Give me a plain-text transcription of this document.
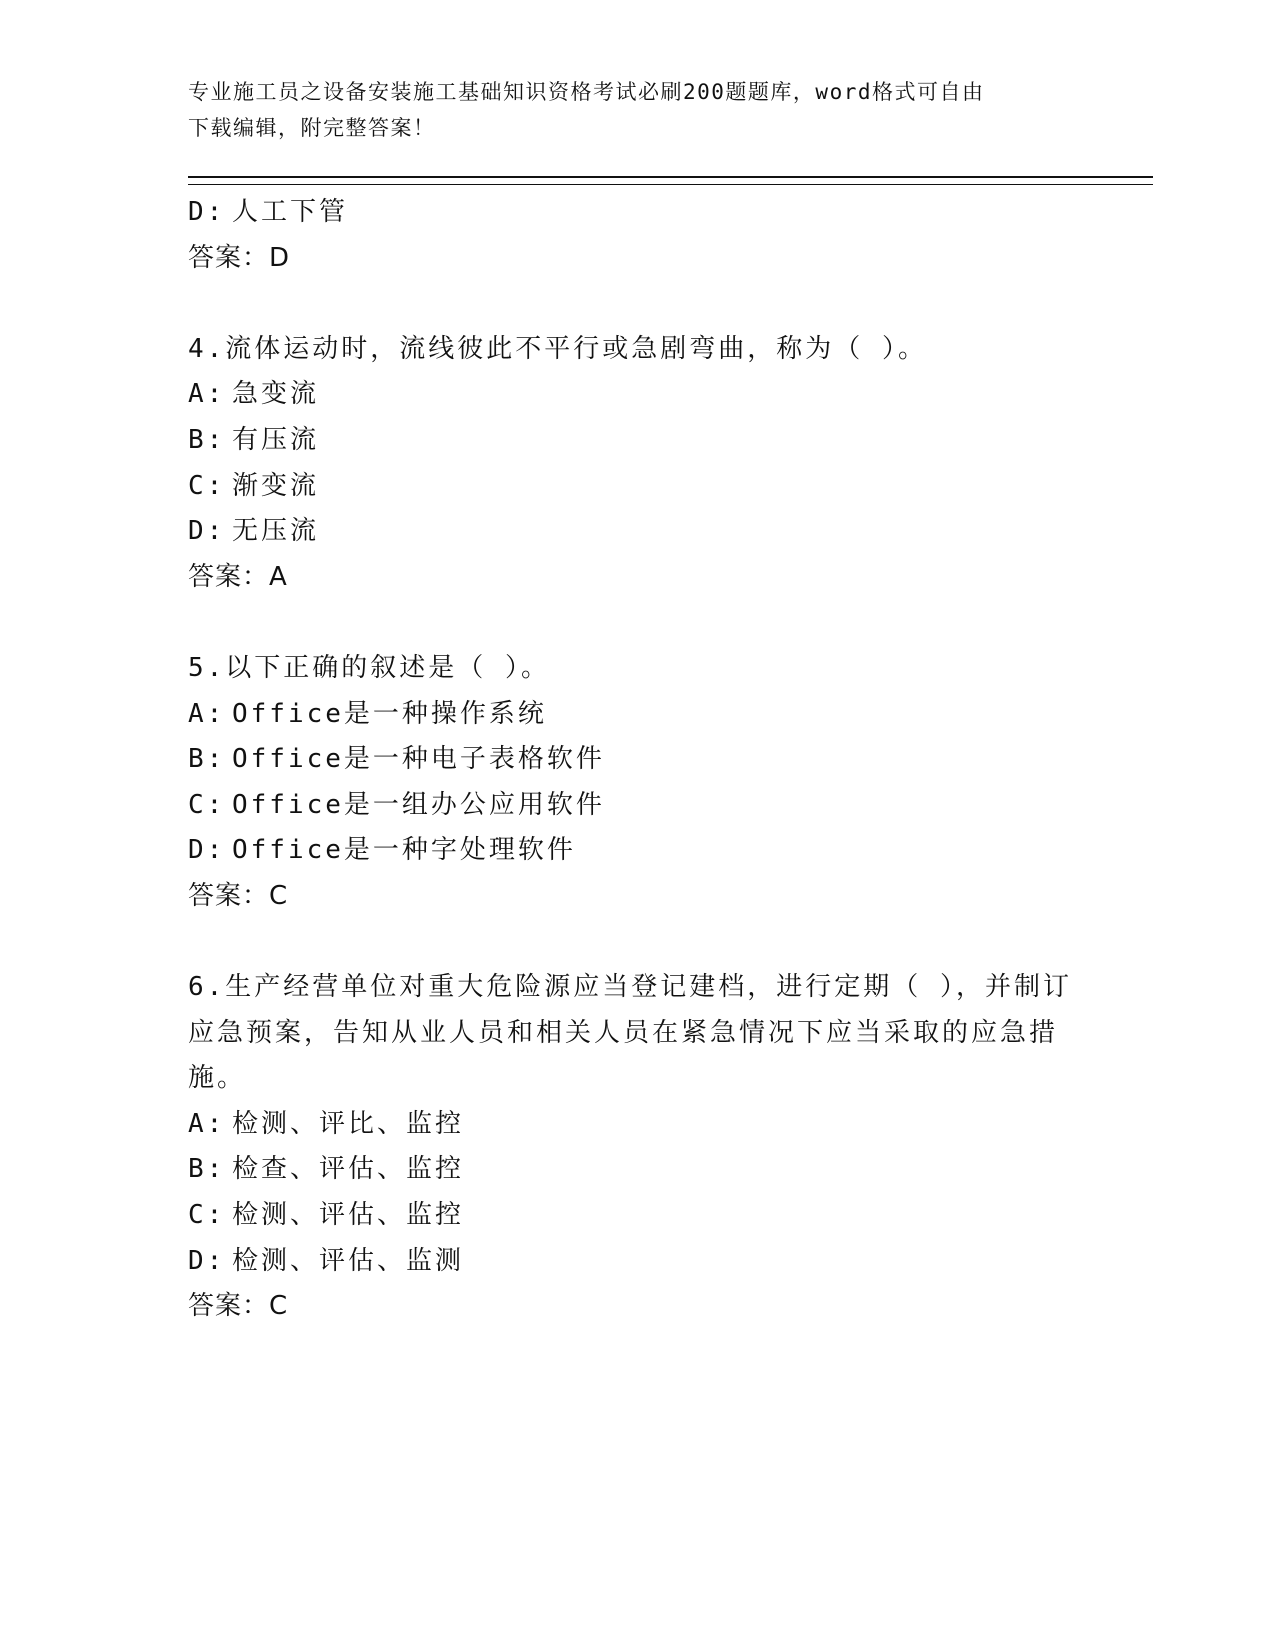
专业施工员之设备安装施工基础知识资格考试必刷200题题库，word格式可自由
下载编辑，附完整答案！
D: 人工下管
答案：D
4.流体运动时，流线彼此不平行或急剧弯曲，称为（ ）。
A: 急变流
B: 有压流
C: 渐变流
D: 无压流
答案：A
5.以下正确的叙述是（ ）。
A: Office是一种操作系统
B: Office是一种电子表格软件
C: Office是一组办公应用软件
D: Office是一种字处理软件
答案：C
6.生产经营单位对重大危险源应当登记建档，进行定期（ ），并制订
应急预案，告知从业人员和相关人员在紧急情况下应当采取的应急措
施。
A: 检测、评比、监控
B: 检查、评估、监控
C: 检测、评估、监控
D: 检测、评估、监测
答案：C
